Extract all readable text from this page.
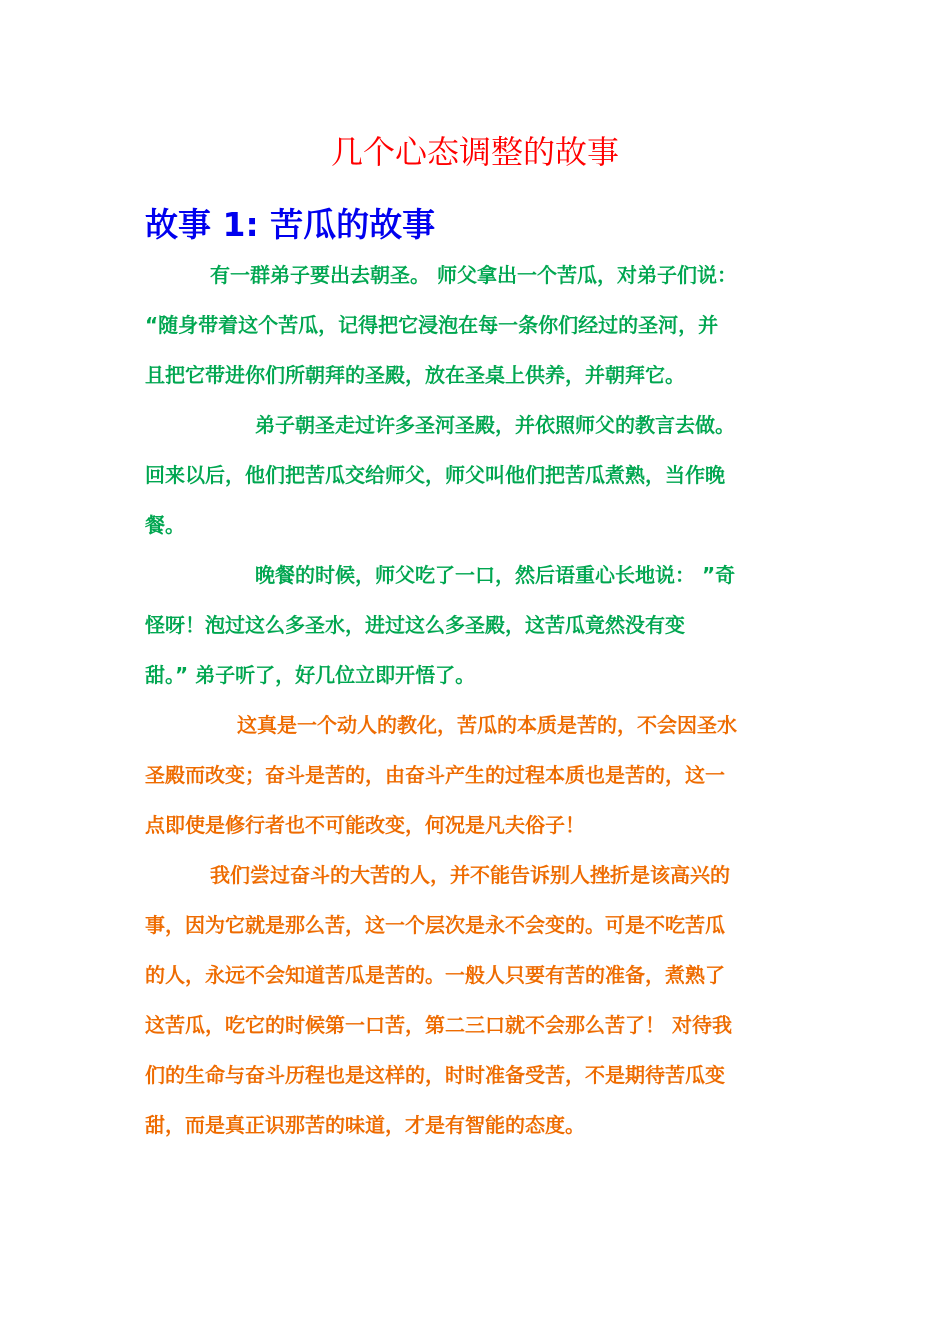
几个心态调整的故事
故事 1: 苦瓜的故事
有一群弟子要出去朝圣。 师父拿出一个苦瓜，对弟子们说：
“随身带着这个苦瓜，记得把它浸泡在每一条你们经过的圣河，并
且把它带进你们所朝拜的圣殿，放在圣桌上供养，并朝拜它。
弟子朝圣走过许多圣河圣殿，并依照师父的教言去做。
回来以后，他们把苦瓜交给师父，师父叫他们把苦瓜煮熟，当作晚
餐。
晚餐的时候，师父吃了一口，然后语重心长地说： ”奇
怪呀！泡过这么多圣水，进过这么多圣殿，这苦瓜竟然没有变
甜。” 弟子听了，好几位立即开悟了。
这真是一个动人的教化，苦瓜的本质是苦的，不会因圣水
圣殿而改变；奋斗是苦的，由奋斗产生的过程本质也是苦的，这一
点即使是修行者也不可能改变，何况是凡夫俗子！
我们尝过奋斗的大苦的人，并不能告诉别人挫折是该高兴的
事，因为它就是那么苦，这一个层次是永不会变的。可是不吃苦瓜
的人，永远不会知道苦瓜是苦的。一般人只要有苦的准备，煮熟了
这苦瓜，吃它的时候第一口苦，第二三口就不会那么苦了！ 对待我
们的生命与奋斗历程也是这样的，时时准备受苦，不是期待苦瓜变
甜，而是真正识那苦的味道，才是有智能的态度。
